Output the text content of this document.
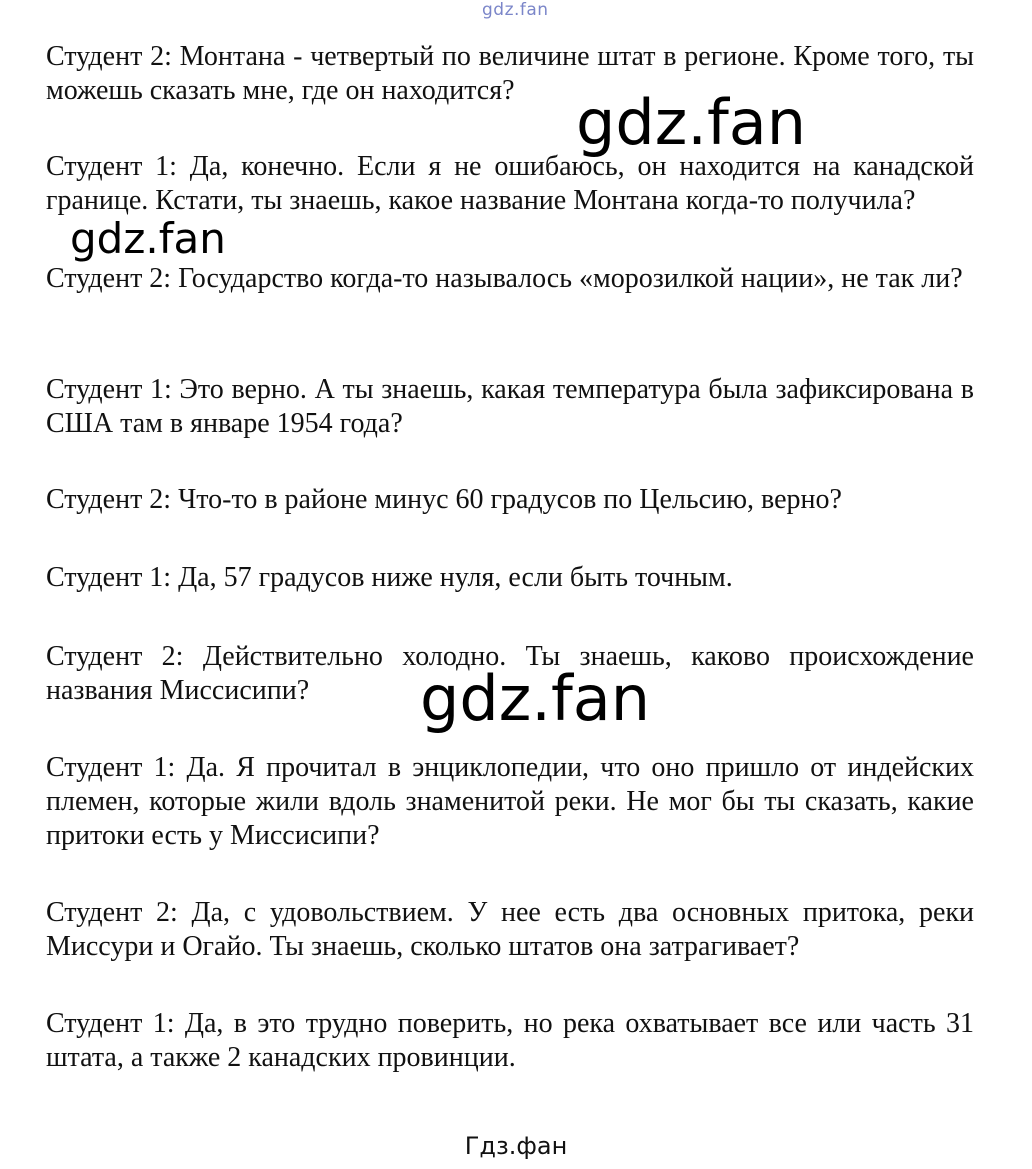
gdz.fan

Студент 2: Монтана - четвертый по величине штат в регионе. Кроме того, ты можешь сказать мне, где он находится?

Студент 1: Да, конечно. Если я не ошибаюсь, он находится на канадской границе. Кстати, ты знаешь, какое название Монтана когда-то получила?

Студент 2: Государство когда-то называлось «морозилкой нации», не так ли?

Студент 1: Это верно. А ты знаешь, какая температура была зафиксирована в США там в январе 1954 года?

Студент 2: Что-то в районе минус 60 градусов по Цельсию, верно?

Студент 1: Да, 57 градусов ниже нуля, если быть точным.

Студент 2: Действительно холодно. Ты знаешь, каково происхождение названия Миссисипи?

Студент 1: Да. Я прочитал в энциклопедии, что оно пришло от индейских племен, которые жили вдоль знаменитой реки. Не мог бы ты сказать, какие притоки есть у Миссисипи?

Студент 2: Да, с удовольствием. У нее есть два основных притока, реки Миссури и Огайо. Ты знаешь, сколько штатов она затрагивает?

Студент 1: Да, в это трудно поверить, но река охватывает все или часть 31 штата, а также 2 канадских провинции.

gdz.fan
gdz.fan
gdz.fan
Гдз.фан
